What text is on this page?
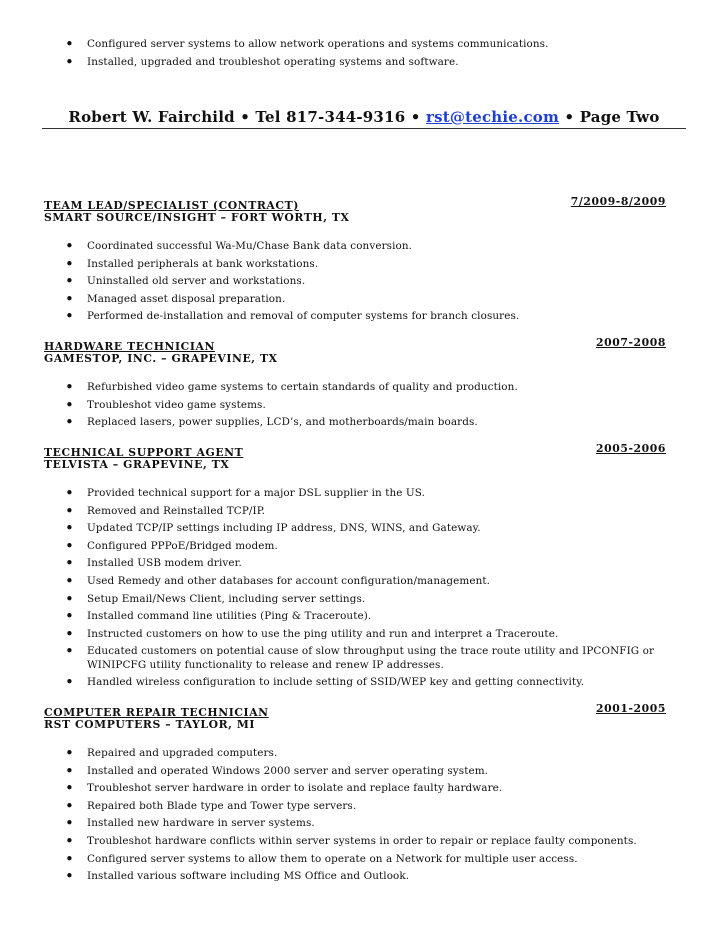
• Configured server systems to allow network operations and systems communications.
• Installed, upgraded and troubleshot operating systems and software.
Robert W. Fairchild • Tel 817-344-9316 • rst@techie.com • Page Two
TEAM LEAD/SPECIALIST (CONTRACT)	7/2009-8/2009
SMART SOURCE/INSIGHT – FORT WORTH, TX
• Coordinated successful Wa-Mu/Chase Bank data conversion.
• Installed peripherals at bank workstations.
• Uninstalled old server and workstations.
• Managed asset disposal preparation.
• Performed de-installation and removal of computer systems for branch closures.
HARDWARE TECHNICIAN	2007-2008
GAMESTOP, INC. – GRAPEVINE, TX
• Refurbished video game systems to certain standards of quality and production.
• Troubleshot video game systems.
• Replaced lasers, power supplies, LCD’s, and motherboards/main boards.
TECHNICAL SUPPORT AGENT	2005-2006
TELVISTA – GRAPEVINE, TX
• Provided technical support for a major DSL supplier in the US.
• Removed and Reinstalled TCP/IP.
• Updated TCP/IP settings including IP address, DNS, WINS, and Gateway.
• Configured PPPoE/Bridged modem.
• Installed USB modem driver.
• Used Remedy and other databases for account configuration/management.
• Setup Email/News Client, including server settings.
• Installed command line utilities (Ping & Traceroute).
• Instructed customers on how to use the ping utility and run and interpret a Traceroute.
• Educated customers on potential cause of slow throughput using the trace route utility and IPCONFIG or WINIPCFG utility functionality to release and renew IP addresses.
• Handled wireless configuration to include setting of SSID/WEP key and getting connectivity.
COMPUTER REPAIR TECHNICIAN	2001-2005
RST COMPUTERS – TAYLOR, MI
• Repaired and upgraded computers.
• Installed and operated Windows 2000 server and server operating system.
• Troubleshot server hardware in order to isolate and replace faulty hardware.
• Repaired both Blade type and Tower type servers.
• Installed new hardware in server systems.
• Troubleshot hardware conflicts within server systems in order to repair or replace faulty components.
• Configured server systems to allow them to operate on a Network for multiple user access.
• Installed various software including MS Office and Outlook.
